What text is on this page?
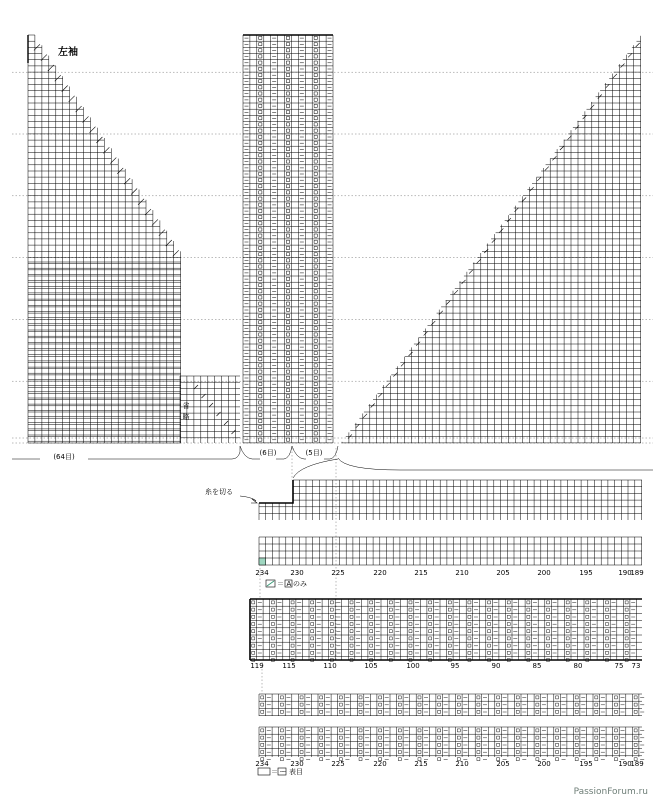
234	230	225	220	215	210	205	200	195	190
189
119	115	110	105	100	95	90	85	80	75 73
234	230	225	220	215	210	205	200	195	190
189
左袖
(64目)	(6目)	(5目)
省略
糸を切る
＝ A のみ
＝ ー 表目
PassionForum.ru
